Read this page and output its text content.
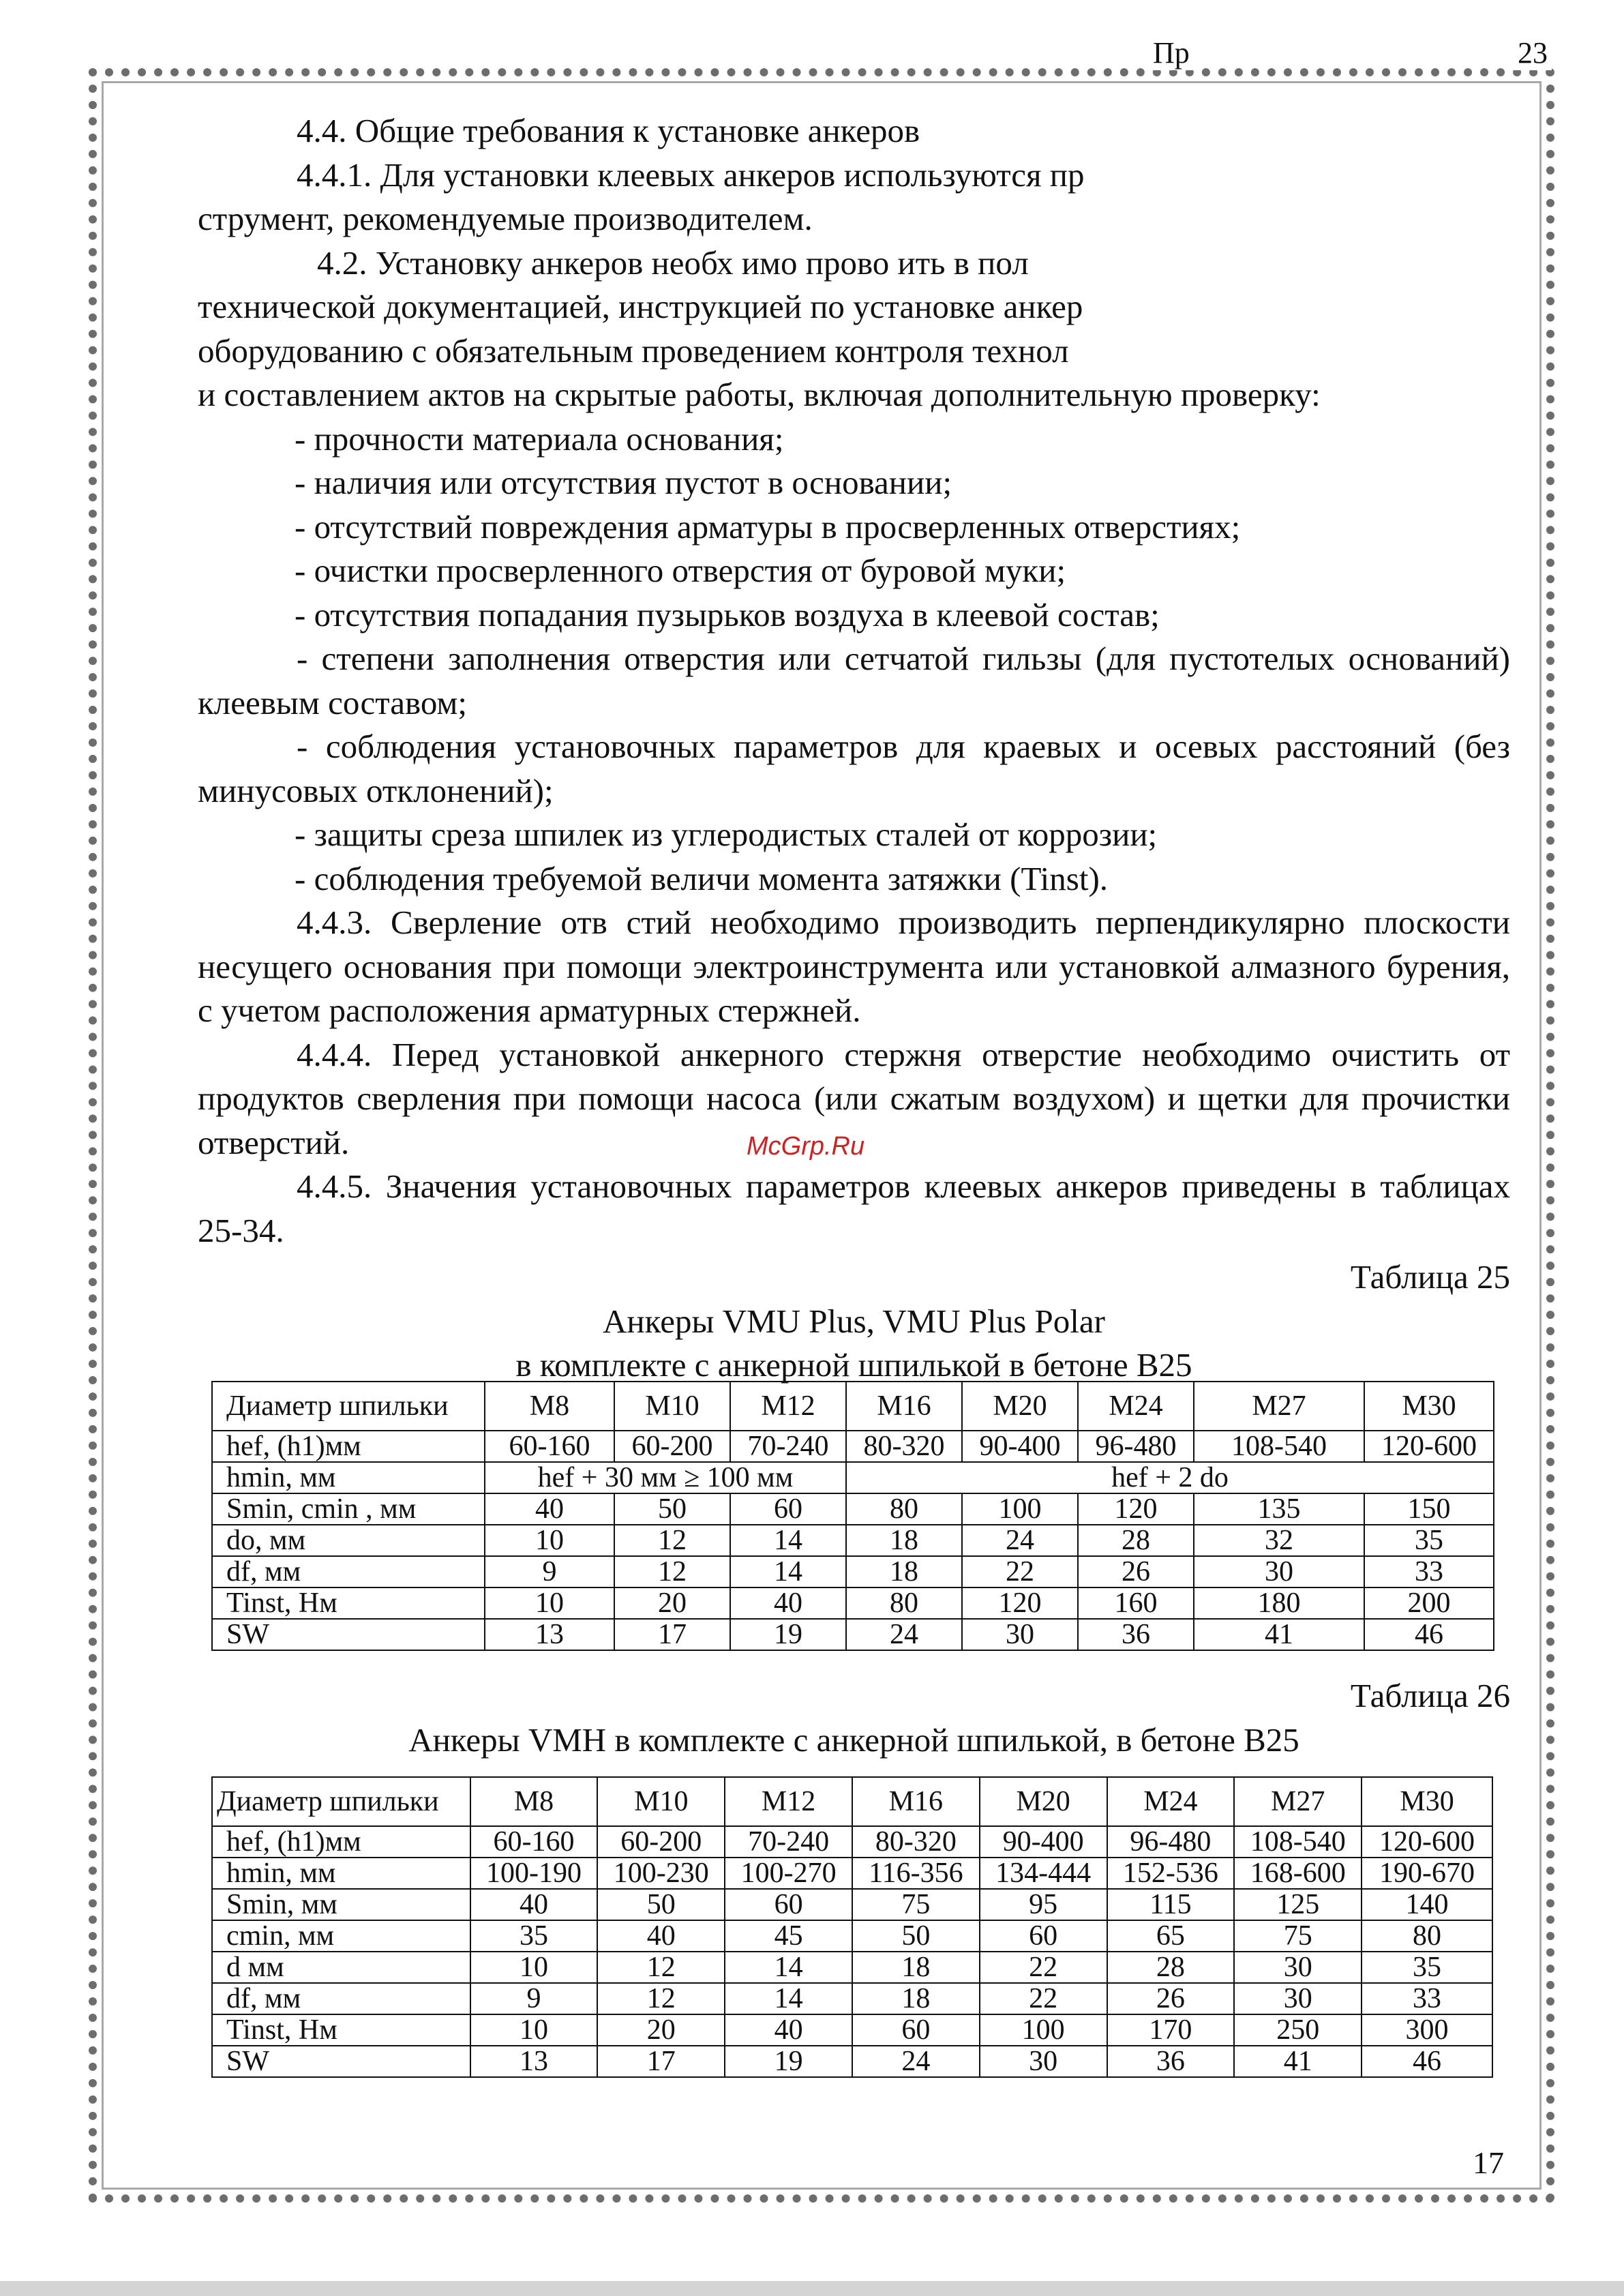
Пр	23

4.4. Общие требования к установке анкеров

4.4.1. Для установки клеевых анкеров используются пр

струмент, рекомендуемые производителем.

4.2. Установку анкеров необх имо прово ить в пол

технической документацией, инструкцией по установке анкер

оборудованию с обязательным проведением контроля технол

и составлением актов на скрытые работы, включая дополнительную проверку:

- прочности материала основания;

- наличия или отсутствия пустот в основании;

- отсутствий повреждения арматуры в просверленных отверстиях;

- очистки просверленного отверстия от буровой муки;

- отсутствия попадания пузырьков воздуха в клеевой состав;

- степени заполнения отверстия или сетчатой гильзы (для пустотелых оснований) клеевым составом;

- соблюдения установочных параметров для краевых и осевых расстояний (без минусовых отклонений);

- защиты среза шпилек из углеродистых сталей от коррозии;

- соблюдения требуемой величи момента затяжки (Tinst).

4.4.3. Сверление отв стий необходимо производить перпендикулярно плоскости несущего основания при помощи электроинструмента или установкой алмазного бурения, с учетом расположения арматурных стержней.

4.4.4. Перед установкой анкерного стержня отверстие необходимо очистить от продуктов сверления при помощи насоса (или сжатым воздухом) и щетки для прочистки отверстий.

4.4.5. Значения установочных параметров клеевых анкеров приведены в таблицах 25-34.

Таблица 25

Анкеры VMU Plus, VMU Plus Polar

в комплекте с анкерной шпилькой в бетоне В25

McGrp.Ru
Диаметр шпильки	М8	М10	М12	М16	М20	М24	М27	М30
hef, (h1)мм	60-160	60-200	70-240	80-320	90-400	96-480	108-540	120-600
hmin, мм	hef + 30 мм ≥ 100 мм			hef + 2 do				
Smin, cmin , мм	40	50	60	80	100	120	135	150
do, мм	10	12	14	18	24	28	32	35
df, мм	9	12	14	18	22	26	30	33
Tinst, Нм	10	20	40	80	120	160	180	200
SW	13	17	19	24	30	36	41	46

Таблица 26

Анкеры VMH в комплекте с анкерной шпилькой, в бетоне В25

Диаметр шпильки	М8	М10	М12	М16	М20	М24	М27	М30
hef, (h1)мм	60-160	60-200	70-240	80-320	90-400	96-480	108-540	120-600
hmin, мм	100-190	100-230	100-270	116-356	134-444	152-536	168-600	190-670
Smin, мм	40	50	60	75	95	115	125	140
cmin, мм	35	40	45	50	60	65	75	80
d мм	10	12	14	18	22	28	30	35
df, мм	9	12	14	18	22	26	30	33
Tinst, Нм	10	20	40	60	100	170	250	300
SW	13	17	19	24	30	36	41	46
17
